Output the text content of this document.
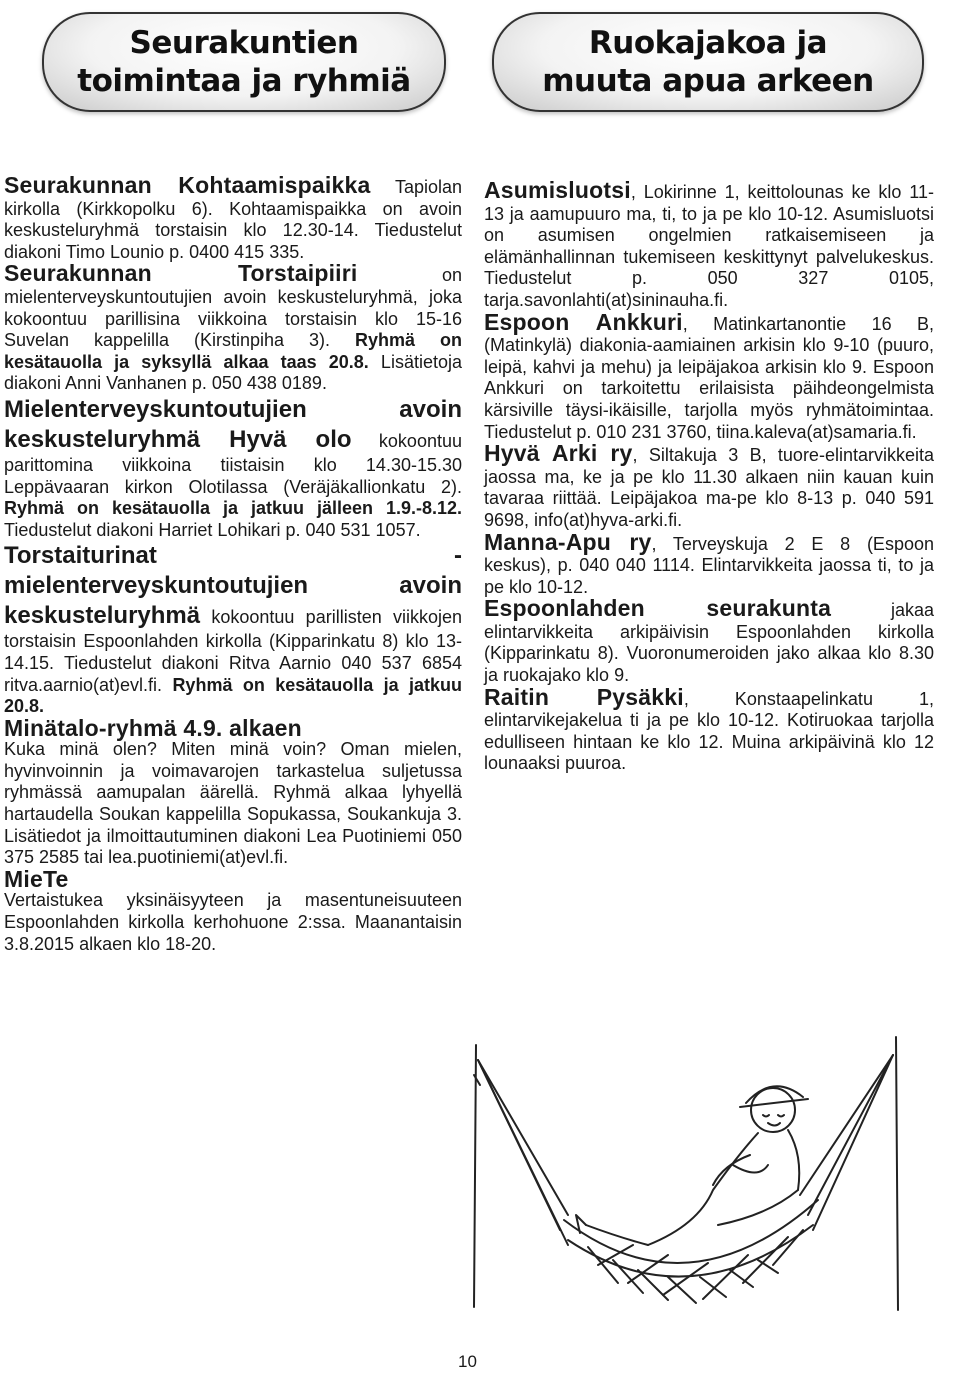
Seurakuntien
toimintaa ja ryhmiä
Ruokajakoa ja
muuta apua arkeen

Seurakunnan Kohtaamispaikka Tapiolan kirkolla (Kirkkopolku 6). Kohtaamispaikka on avoin keskusteluryhmä torstaisin klo 12.30-14. Tiedustelut diakoni Timo Lounio p. 0400 415 335.

Seurakunnan Torstaipiiri on mielenterveyskuntoutujien avoin keskusteluryhmä, joka kokoontuu parillisina viikkoina torstaisin klo 15-16 Suvelan kappelilla (Kirstinpiha 3). Ryhmä on kesätauolla ja syksyllä alkaa taas 20.8. Lisätietoja diakoni Anni Vanhanen p. 050 438 0189.

Mielenterveyskuntoutujien avoin keskusteluryhmä Hyvä olo kokoontuu parittomina viikkoina tiistaisin klo 14.30-15.30 Leppävaaran kirkon Olotilassa (Veräjäkallionkatu 2). Ryhmä on kesätauolla ja jatkuu jälleen 1.9.-8.12. Tiedustelut diakoni Harriet Lohikari p. 040 531 1057.

Torstaiturinat - mielenterveyskuntoutujien avoin keskusteluryhmä kokoontuu parillisten viikkojen torstaisin Espoonlahden kirkolla (Kipparinkatu 8) klo 13-14.15. Tiedustelut diakoni Ritva Aarnio 040 537 6854 ritva.aarnio(at)evl.fi. Ryhmä on kesätauolla ja jatkuu 20.8.

Minätalo-ryhmä 4.9. alkaen
Kuka minä olen? Miten minä voin? Oman mielen, hyvinvoinnin ja voimavarojen tarkastelua suljetussa ryhmässä aamupalan äärellä. Ryhmä alkaa lyhyellä hartaudella Soukan kappelilla Sopukassa, Soukankuja 3. Lisätiedot ja ilmoittautuminen diakoni Lea Puotiniemi 050 375 2585 tai lea.puotiniemi(at)evl.fi.

MieTe
Vertaistukea yksinäisyyteen ja masentuneisuuteen Espoonlahden kirkolla kerhohuone 2:ssa. Maanantaisin 3.8.2015 alkaen klo 18-20.

Asumisluotsi, Lokirinne 1, keittolounas ke klo 11-13 ja aamupuuro ma, ti, to ja pe klo 10-12. Asumisluotsi on asumisen ongelmien ratkaisemiseen ja elämänhallinnan tukemiseen keskittynyt palvelukeskus. Tiedustelut p. 050 327 0105, tarja.savonlahti(at)sininauha.fi.

Espoon Ankkuri, Matinkartanontie 16 B, (Matinkylä) diakonia-aamiainen arkisin klo 9-10 (puuro, leipä, kahvi ja mehu) ja leipäjakoa arkisin klo 9. Espoon Ankkuri on tarkoitettu erilaisista päihdeongelmista kärsiville täysi-ikäisille, tarjolla myös ryhmätoimintaa. Tiedustelut p. 010 231 3760, tiina.kaleva(at)samaria.fi.

Hyvä Arki ry, Siltakuja 3 B, tuore-elintarvikkeita jaossa ma, ke ja pe klo 11.30 alkaen niin kauan kuin tavaraa riittää. Leipäjakoa ma-pe klo 8-13 p. 040 591 9698, info(at)hyva-arki.fi.

Manna-Apu ry, Terveyskuja 2 E 8 (Espoon keskus), p. 040 040 1114. Elintarvikkeita jaossa ti, to ja pe klo 10-12.

Espoonlahden seurakunta jakaa elintarvikkeita arkipäivisin Espoonlahden kirkolla (Kipparinkatu 8). Vuoronumeroiden jako alkaa klo 8.30 ja ruokajako klo 9.

Raitin Pysäkki, Konstaapelinkatu 1, elintarvikejakelua ti ja pe klo 10-12. Kotiruokaa tarjolla edulliseen hintaan ke klo 12. Muina arkipäivinä klo 12 lounaaksi puuroa.

10
